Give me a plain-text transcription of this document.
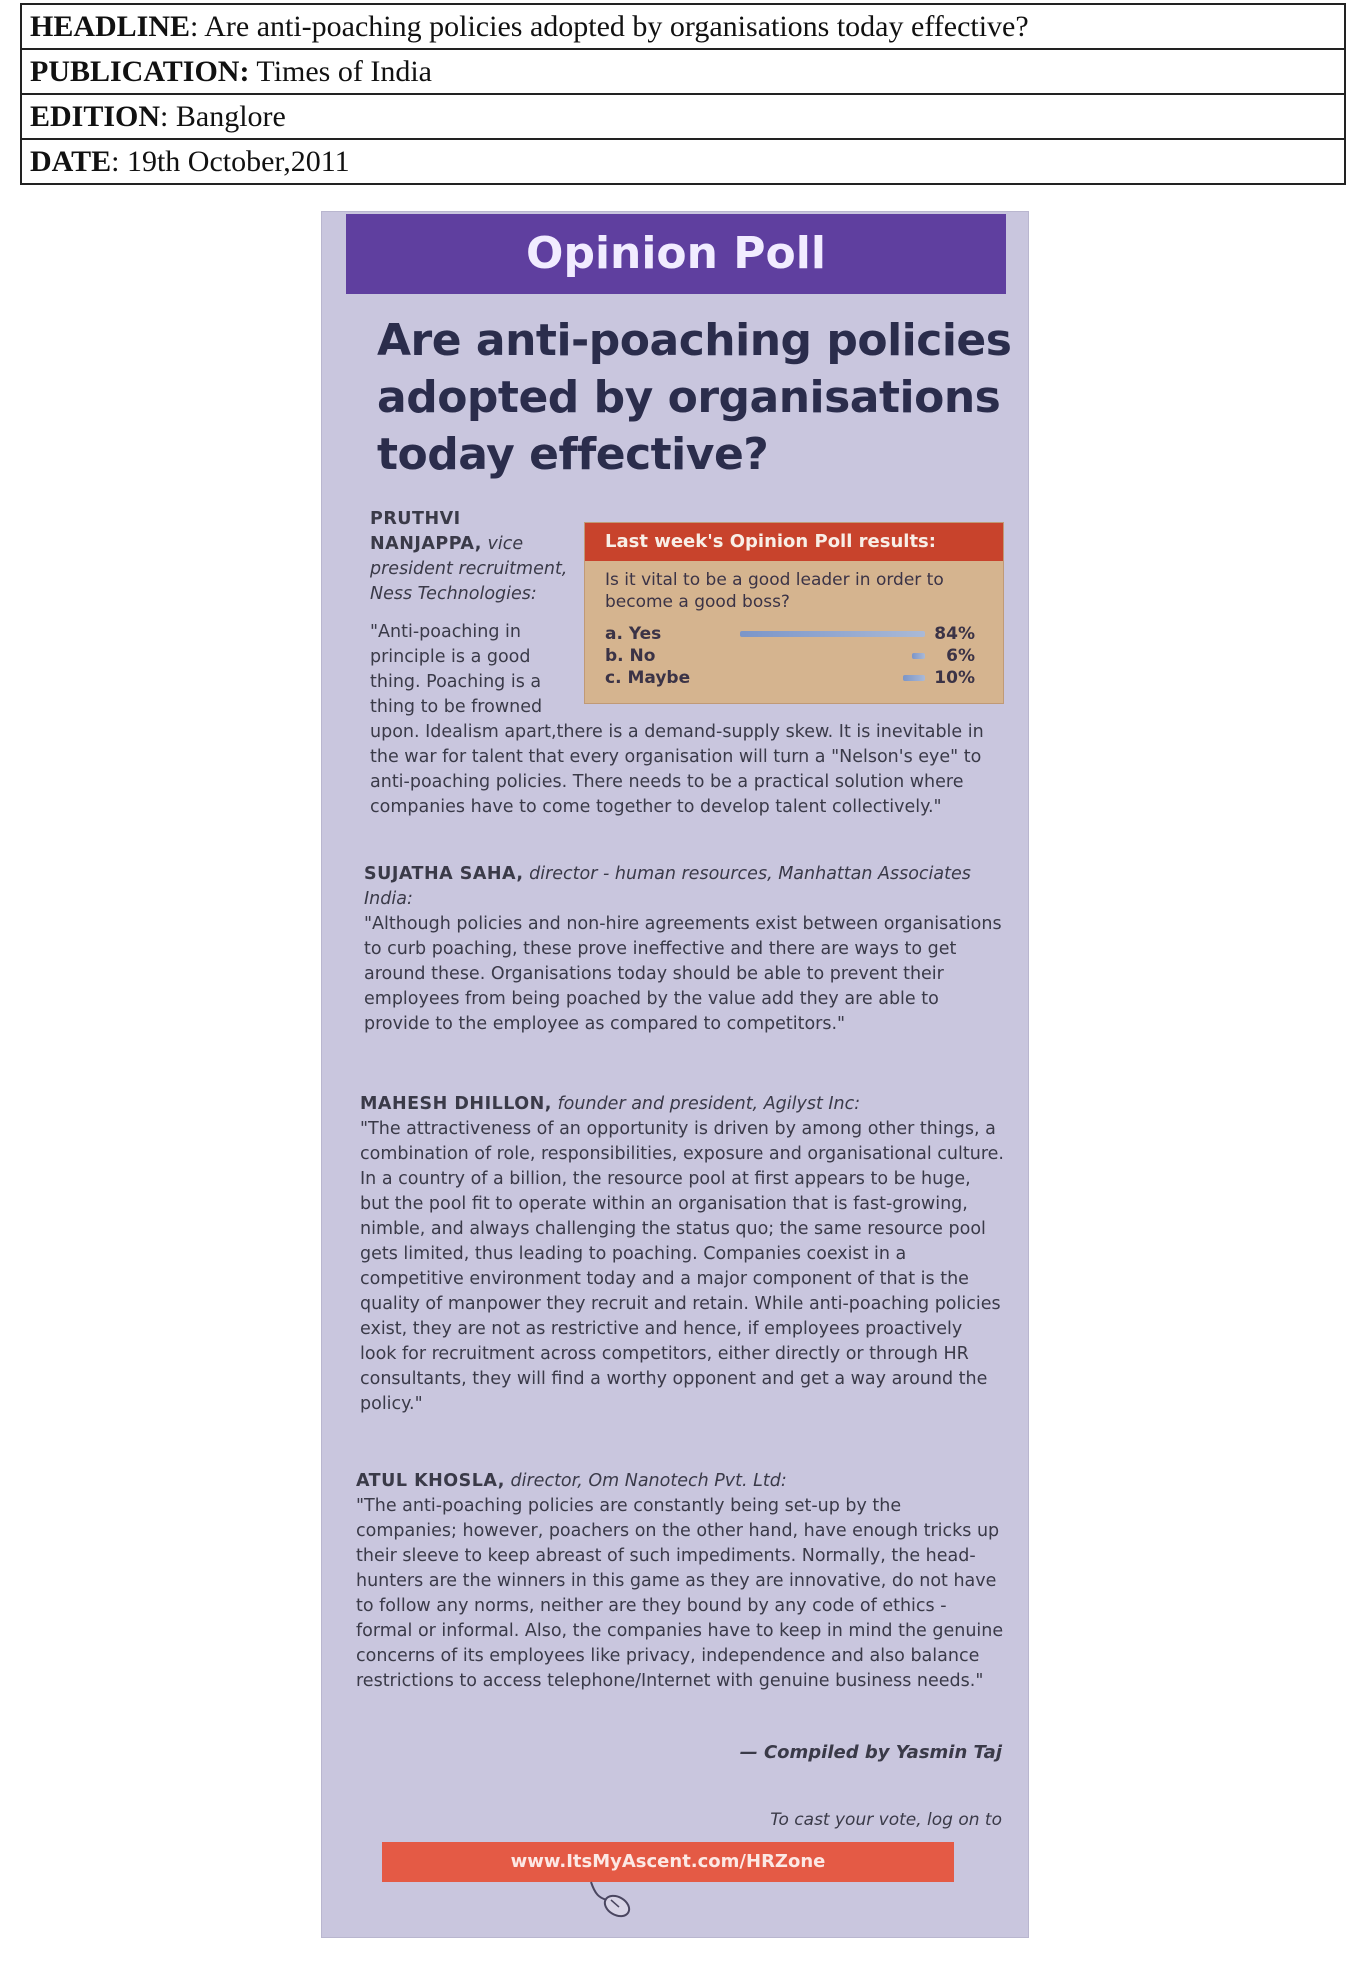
HEADLINE: Are anti-poaching policies adopted by organisations today effective?
PUBLICATION: Times of India
EDITION: Banglore
DATE: 19th October,2011
Opinion Poll
Are anti-poaching policies adopted by organisations today effective?
PRUTHVI NANJAPPA, vice president recruitment, Ness Technologies:
"Anti-poaching in principle is a good thing. Poaching is a thing to be frowned upon. Idealism apart,there is a demand-supply skew. It is inevitable in the war for talent that every organisation will turn a "Nelson's eye" to anti-poaching policies. There needs to be a practical solution where companies have to come together to develop talent collectively."
Last week's Opinion Poll results:
Is it vital to be a good leader in order to become a good boss?
a. Yes	84%
b. No	6%
c. Maybe	10%
SUJATHA SAHA, director - human resources, Manhattan Associates India:
"Although policies and non-hire agreements exist between organisations to curb poaching, these prove ineffective and there are ways to get around these. Organisations today should be able to prevent their employees from being poached by the value add they are able to provide to the employee as compared to competitors."
MAHESH DHILLON, founder and president, Agilyst Inc:
"The attractiveness of an opportunity is driven by among other things, a combination of role, responsibilities, exposure and organisational culture. In a country of a billion, the resource pool at first appears to be huge, but the pool fit to operate within an organisation that is fast-growing, nimble, and always challenging the status quo; the same resource pool gets limited, thus leading to poaching. Companies coexist in a competitive environment today and a major component of that is the quality of manpower they recruit and retain. While anti-poaching policies exist, they are not as restrictive and hence, if employees proactively look for recruitment across competitors, either directly or through HR consultants, they will find a worthy opponent and get a way around the policy."
ATUL KHOSLA, director, Om Nanotech Pvt. Ltd:
"The anti-poaching policies are constantly being set-up by the companies; however, poachers on the other hand, have enough tricks up their sleeve to keep abreast of such impediments. Normally, the head-hunters are the winners in this game as they are innovative, do not have to follow any norms, neither are they bound by any code of ethics - formal or informal. Also, the companies have to keep in mind the genuine concerns of its employees like privacy, independence and also balance restrictions to access telephone/Internet with genuine business needs."
— Compiled by Yasmin Taj
To cast your vote, log on to
www.ItsMyAscent.com/HRZone
